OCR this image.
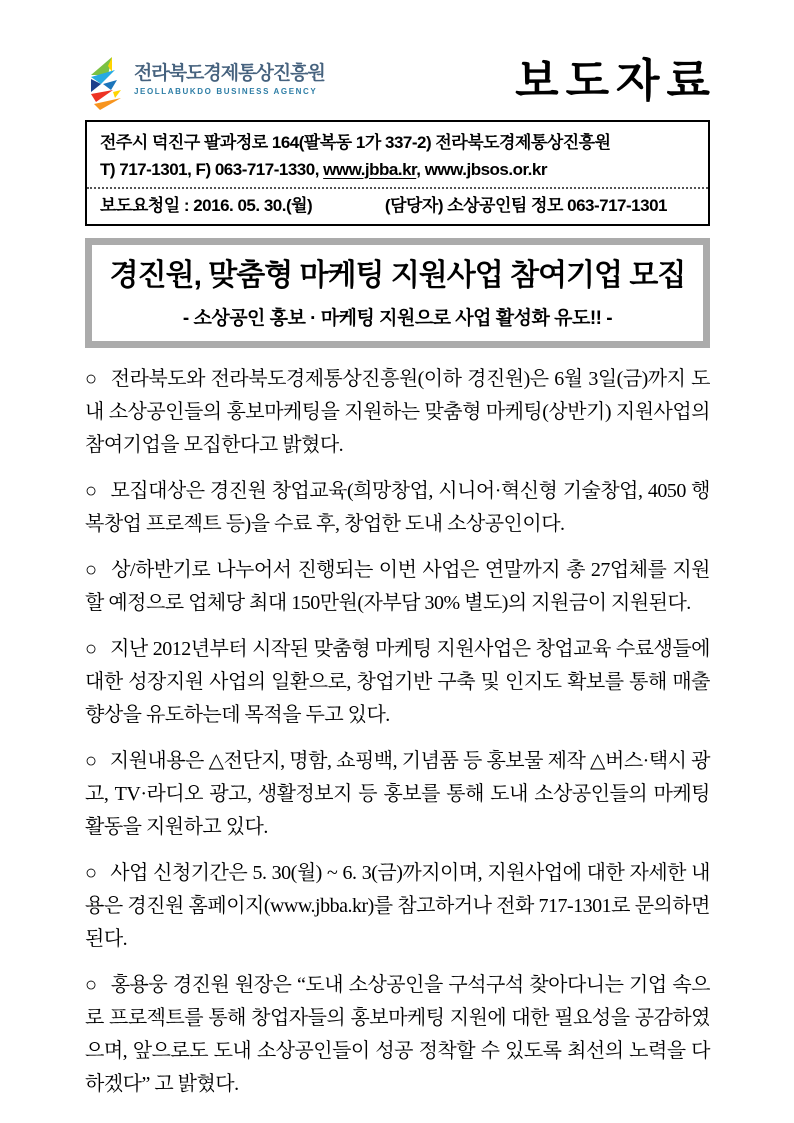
전라북도경제통상진흥원
JEOLLABUKDO BUSINESS AGENCY	보도자료
전주시 덕진구 팔과정로 164(팔복동 1가 337-2) 전라북도경제통상진흥원
T) 717-1301, F) 063-717-1330, www.jbba.kr, www.jbsos.or.kr
보도요청일 : 2016. 05. 30.(월)	(담당자) 소상공인팀 정모 063-717-1301
경진원, 맞춤형 마케팅 지원사업 참여기업 모집
- 소상공인 홍보 · 마케팅 지원으로 사업 활성화 유도!! -

○ 전라북도와 전라북도경제통상진흥원(이하 경진원)은 6월 3일(금)까지 도내 소상공인들의 홍보마케팅을 지원하는 맞춤형 마케팅(상반기) 지원사업의 참여기업을 모집한다고 밝혔다.

○ 모집대상은 경진원 창업교육(희망창업, 시니어·혁신형 기술창업, 4050 행복창업 프로젝트 등)을 수료 후, 창업한 도내 소상공인이다.

○ 상/하반기로 나누어서 진행되는 이번 사업은 연말까지 총 27업체를 지원할 예정으로 업체당 최대 150만원(자부담 30% 별도)의 지원금이 지원된다.

○ 지난 2012년부터 시작된 맞춤형 마케팅 지원사업은 창업교육 수료생들에 대한 성장지원 사업의 일환으로, 창업기반 구축 및 인지도 확보를 통해 매출 향상을 유도하는데 목적을 두고 있다.

○ 지원내용은 △전단지, 명함, 쇼핑백, 기념품 등 홍보물 제작 △버스·택시 광고, TV·라디오 광고, 생활정보지 등 홍보를 통해 도내 소상공인들의 마케팅 활동을 지원하고 있다.

○ 사업 신청기간은 5. 30(월) ~ 6. 3(금)까지이며, 지원사업에 대한 자세한 내용은 경진원 홈페이지(www.jbba.kr)를 참고하거나 전화 717-1301로 문의하면 된다.

○ 홍용웅 경진원 원장은 “도내 소상공인을 구석구석 찾아다니는 기업 속으로 프로젝트를 통해 창업자들의 홍보마케팅 지원에 대한 필요성을 공감하였으며, 앞으로도 도내 소상공인들이 성공 정착할 수 있도록 최선의 노력을 다하겠다” 고 밝혔다.
